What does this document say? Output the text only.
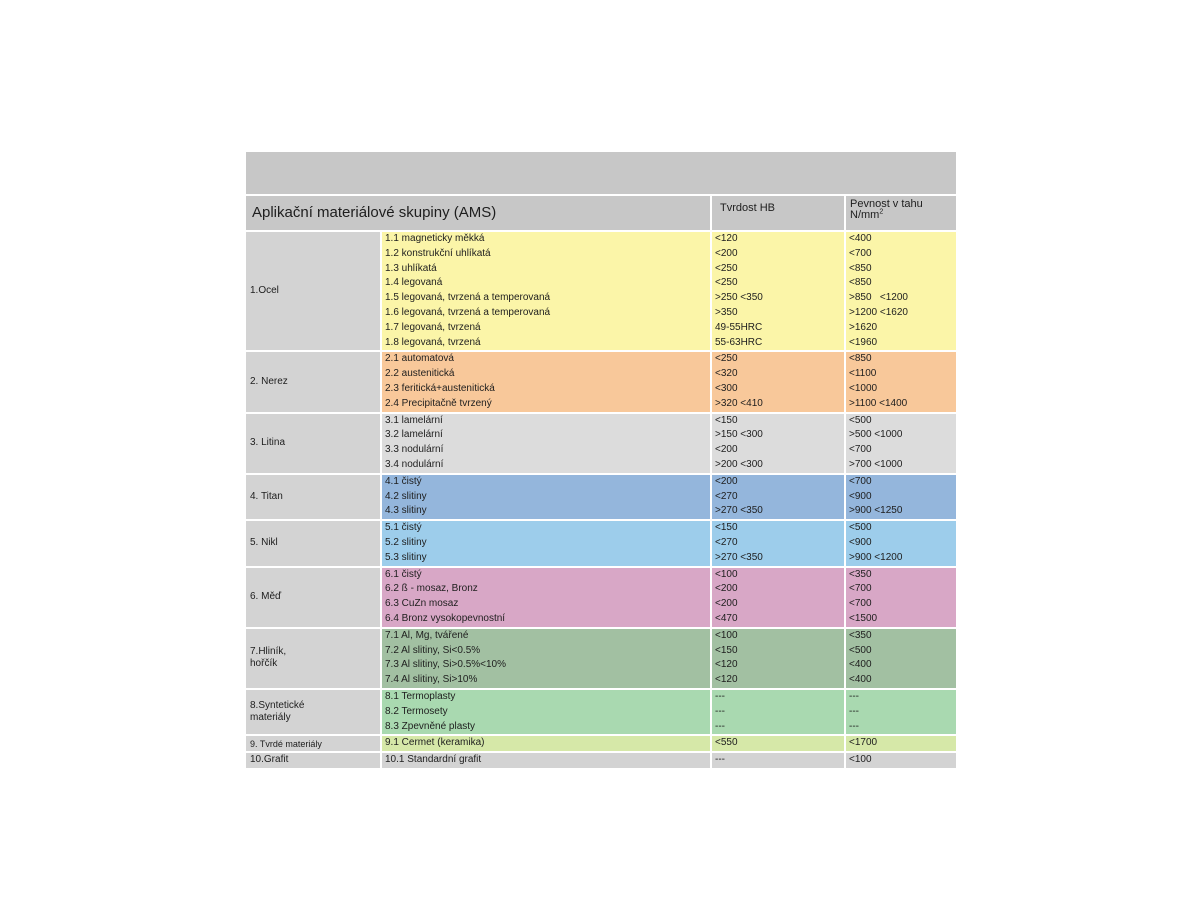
Aplikační materiálové skupiny (AMS)	Tvrdost HB	Pevnost v tahu
$N/mm^2$
1.Ocel
1.1 magneticky měkká	<120	<400
1.2 konstrukční uhlíkatá	<200	<700
1.3 uhlíkatá	<250	<850
1.4 legovaná	<250	<850
1.5 legovaná, tvrzená a temperovaná	>250 <350	>850   <1200
1.6 legovaná, tvrzená a temperovaná	>350	>1200 <1620
1.7 legovaná, tvrzená	49-55HRC	>1620
1.8 legovaná, tvrzená	55-63HRC	<1960
2. Nerez
2.1 automatová	<250	<850
2.2 austenitická	<320	<1100
2.3 feritická+austenitická	<300	<1000
2.4 Precipitačně tvrzený	>320 <410	>1100 <1400
3. Litina
3.1 lamelární	<150	<500
3.2 lamelární	>150 <300	>500 <1000
3.3 nodulární	<200	<700
3.4 nodulární	>200 <300	>700 <1000
4. Titan
4.1 čistý	<200	<700
4.2 slitiny	<270	<900
4.3 slitiny	>270 <350	>900 <1250
5. Nikl
5.1 čistý	<150	<500
5.2 slitiny	<270	<900
5.3 slitiny	>270 <350	>900 <1200
6. Měď
6.1 čistý	<100	<350
6.2 ß - mosaz, Bronz	<200	<700
6.3 CuZn mosaz	<200	<700
6.4 Bronz vysokopevnostní	<470	<1500
7.Hliník,
hořčík
7.1 Al, Mg, tvářené	<100	<350
7.2 Al slitiny, Si<0.5%	<150	<500
7.3 Al slitiny, Si>0.5%<10%	<120	<400
7.4 Al slitiny, Si>10%	<120	<400
8.Syntetické
materiály
8.1 Termoplasty	---	---
8.2 Termosety	---	---
8.3 Zpevněné plasty	---	---
9. Tvrdé materiály	9.1 Cermet (keramika)	<550	<1700
10.Grafit	10.1 Standardní grafit	---	<100
